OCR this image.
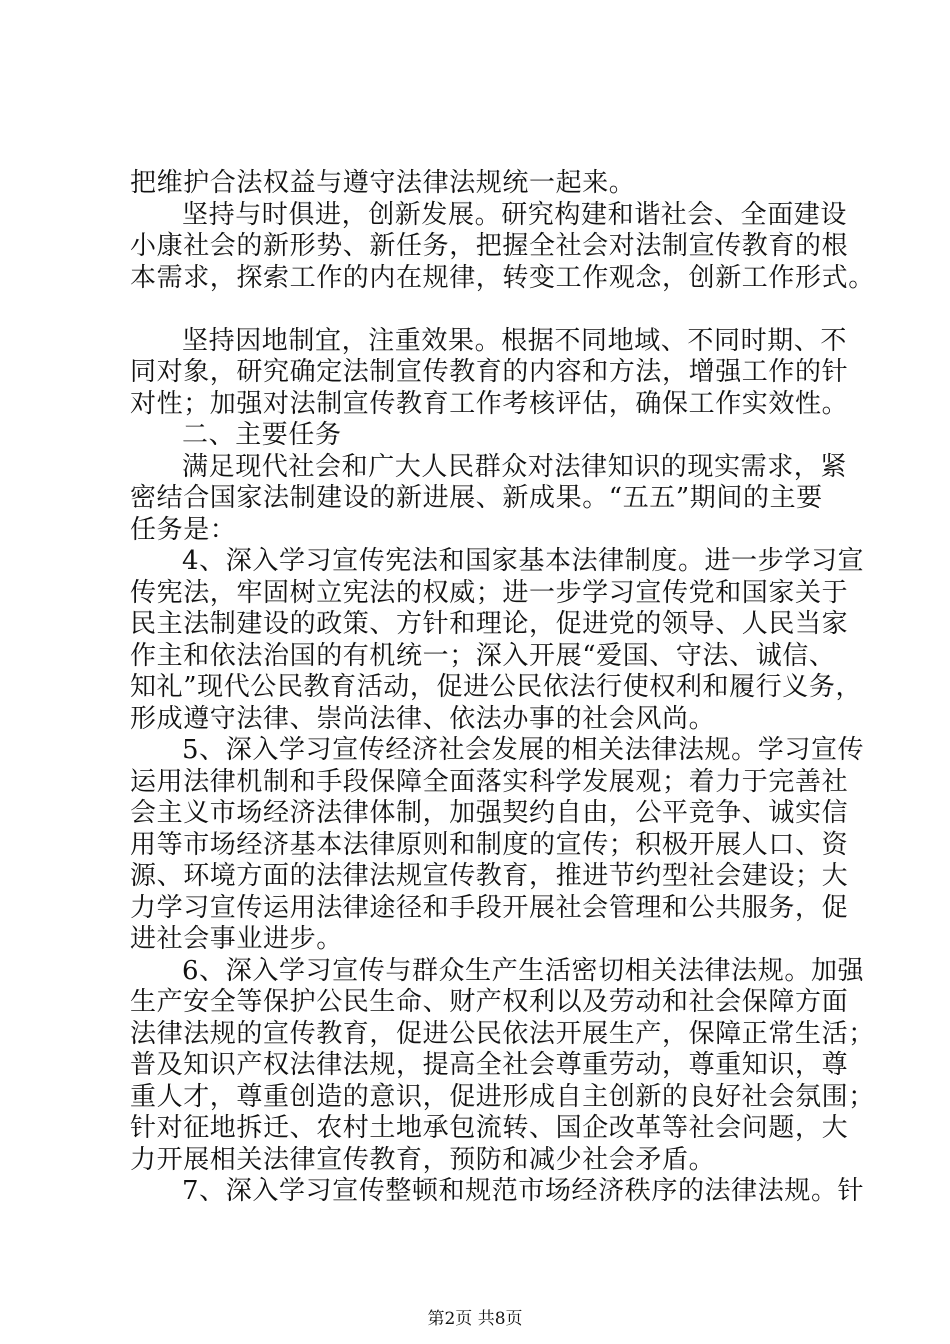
把维护合法权益与遵守法律法规统一起来。
坚持与时俱进，创新发展。研究构建和谐社会、全面建设
小康社会的新形势、新任务，把握全社会对法制宣传教育的根
本需求，探索工作的内在规律，转变工作观念，创新工作形式。
坚持因地制宜，注重效果。根据不同地域、不同时期、不
同对象，研究确定法制宣传教育的内容和方法，增强工作的针
对性；加强对法制宣传教育工作考核评估，确保工作实效性。
二、主要任务
满足现代社会和广大人民群众对法律知识的现实需求，紧
密结合国家法制建设的新进展、新成果。“五五”期间的主要
任务是：
4、深入学习宣传宪法和国家基本法律制度。进一步学习宣
传宪法，牢固树立宪法的权威；进一步学习宣传党和国家关于
民主法制建设的政策、方针和理论，促进党的领导、人民当家
作主和依法治国的有机统一；深入开展“爱国、守法、诚信、
知礼”现代公民教育活动，促进公民依法行使权利和履行义务，
形成遵守法律、崇尚法律、依法办事的社会风尚。
5、深入学习宣传经济社会发展的相关法律法规。学习宣传
运用法律机制和手段保障全面落实科学发展观；着力于完善社
会主义市场经济法律体制，加强契约自由，公平竞争、诚实信
用等市场经济基本法律原则和制度的宣传；积极开展人口、资
源、环境方面的法律法规宣传教育，推进节约型社会建设；大
力学习宣传运用法律途径和手段开展社会管理和公共服务，促
进社会事业进步。
6、深入学习宣传与群众生产生活密切相关法律法规。加强
生产安全等保护公民生命、财产权利以及劳动和社会保障方面
法律法规的宣传教育，促进公民依法开展生产，保障正常生活；
普及知识产权法律法规，提高全社会尊重劳动，尊重知识，尊
重人才，尊重创造的意识，促进形成自主创新的良好社会氛围；
针对征地拆迁、农村土地承包流转、国企改革等社会问题，大
力开展相关法律宣传教育，预防和减少社会矛盾。
7、深入学习宣传整顿和规范市场经济秩序的法律法规。针
第2页 共8页
